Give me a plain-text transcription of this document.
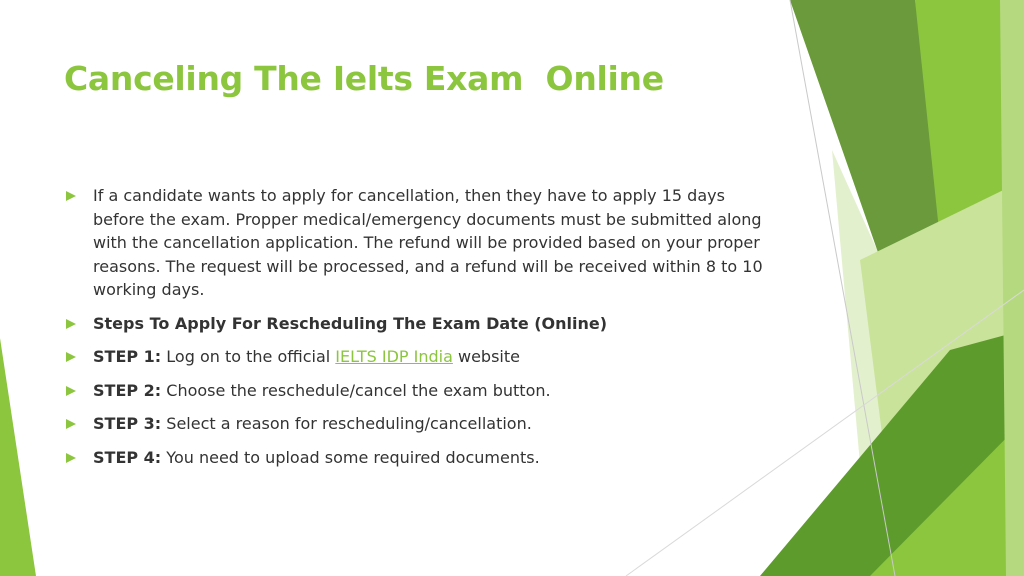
Canceling The Ielts Exam  Online
If a candidate wants to apply for cancellation, then they have to apply 15 days before the exam. Propper medical/emergency documents must be submitted along with the cancellation application. The refund will be provided based on your proper reasons. The request will be processed, and a refund will be received within 8 to 10 working days.
Steps To Apply For Rescheduling The Exam Date (Online)
STEP 1: Log on to the official IELTS IDP India website
STEP 2: Choose the reschedule/cancel the exam button.
STEP 3: Select a reason for rescheduling/cancellation.
STEP 4: You need to upload some required documents.
